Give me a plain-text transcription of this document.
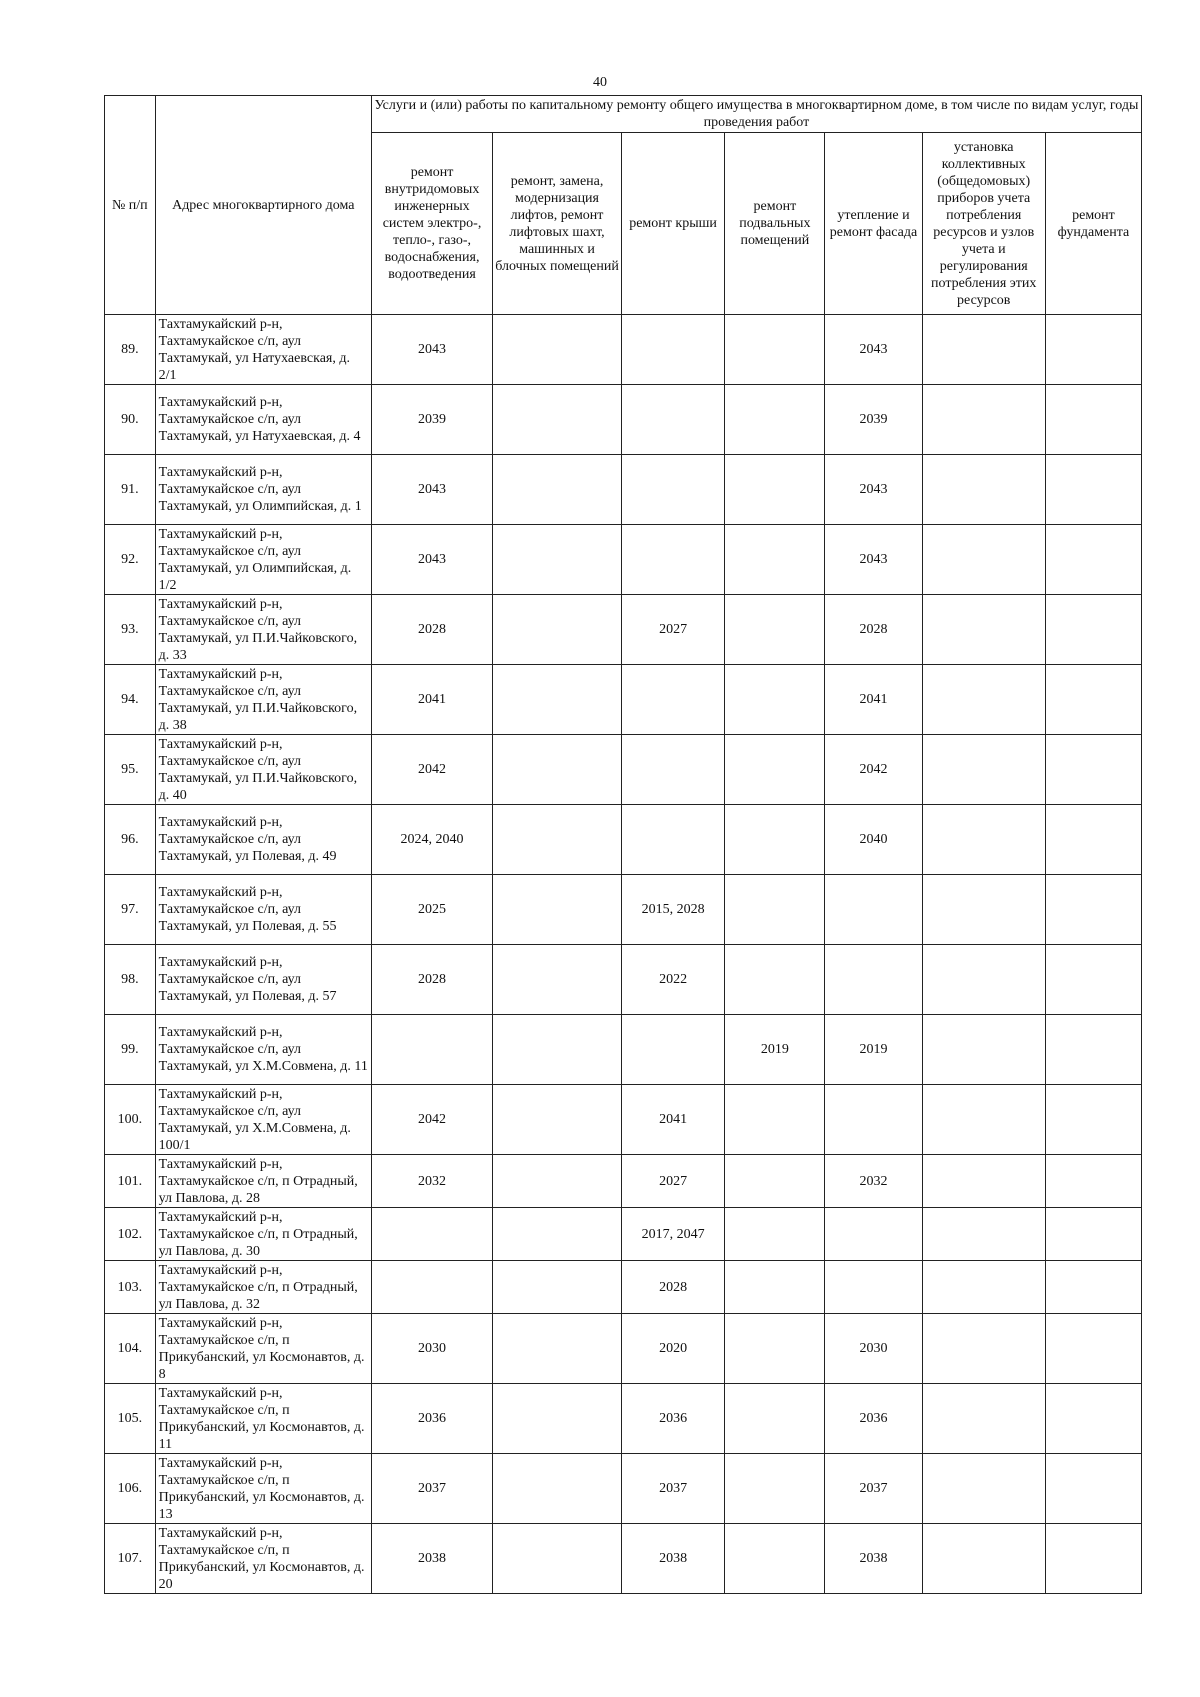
40
№ п/п	Адрес многоквартирного дома	Услуги и (или) работы по капитальному ремонту общего имущества в многоквартирном доме, в том числе по видам услуг, годы проведения работ						
		ремонт внутридомовых инженерных систем электро-, тепло-, газо-, водоснабжения, водоотведения	ремонт, замена, модернизация лифтов, ремонт лифтовых шахт, машинных и блочных помещений	ремонт крыши	ремонт подвальных помещений	утепление и ремонт фасада	установка коллективных (общедомовых) приборов учета потребления ресурсов и узлов учета и регулирования потребления этих ресурсов	ремонт фундамента
89.	Тахтамукайский р-н, Тахтамукайское с/п, аул Тахтамукай, ул Натухаевская, д. 2/1	2043				2043		
90.	Тахтамукайский р-н, Тахтамукайское с/п, аул Тахтамукай, ул Натухаевская, д. 4	2039				2039		
91.	Тахтамукайский р-н, Тахтамукайское с/п, аул Тахтамукай, ул Олимпийская, д. 1	2043				2043		
92.	Тахтамукайский р-н, Тахтамукайское с/п, аул Тахтамукай, ул Олимпийская, д. 1/2	2043				2043		
93.	Тахтамукайский р-н, Тахтамукайское с/п, аул Тахтамукай, ул П.И.Чайковского, д. 33	2028		2027		2028		
94.	Тахтамукайский р-н, Тахтамукайское с/п, аул Тахтамукай, ул П.И.Чайковского, д. 38	2041				2041		
95.	Тахтамукайский р-н, Тахтамукайское с/п, аул Тахтамукай, ул П.И.Чайковского, д. 40	2042				2042		
96.	Тахтамукайский р-н, Тахтамукайское с/п, аул Тахтамукай, ул Полевая, д. 49	2024, 2040				2040		
97.	Тахтамукайский р-н, Тахтамукайское с/п, аул Тахтамукай, ул Полевая, д. 55	2025		2015, 2028				
98.	Тахтамукайский р-н, Тахтамукайское с/п, аул Тахтамукай, ул Полевая, д. 57	2028		2022				
99.	Тахтамукайский р-н, Тахтамукайское с/п, аул Тахтамукай, ул Х.М.Совмена, д. 11				2019	2019		
100.	Тахтамукайский р-н, Тахтамукайское с/п, аул Тахтамукай, ул Х.М.Совмена, д. 100/1	2042		2041				
101.	Тахтамукайский р-н, Тахтамукайское с/п, п Отрадный, ул Павлова, д. 28	2032		2027		2032		
102.	Тахтамукайский р-н, Тахтамукайское с/п, п Отрадный, ул Павлова, д. 30			2017, 2047				
103.	Тахтамукайский р-н, Тахтамукайское с/п, п Отрадный, ул Павлова, д. 32			2028				
104.	Тахтамукайский р-н, Тахтамукайское с/п, п Прикубанский, ул Космонавтов, д. 8	2030		2020		2030		
105.	Тахтамукайский р-н, Тахтамукайское с/п, п Прикубанский, ул Космонавтов, д. 11	2036		2036		2036		
106.	Тахтамукайский р-н, Тахтамукайское с/п, п Прикубанский, ул Космонавтов, д. 13	2037		2037		2037		
107.	Тахтамукайский р-н, Тахтамукайское с/п, п Прикубанский, ул Космонавтов, д. 20	2038		2038		2038		
